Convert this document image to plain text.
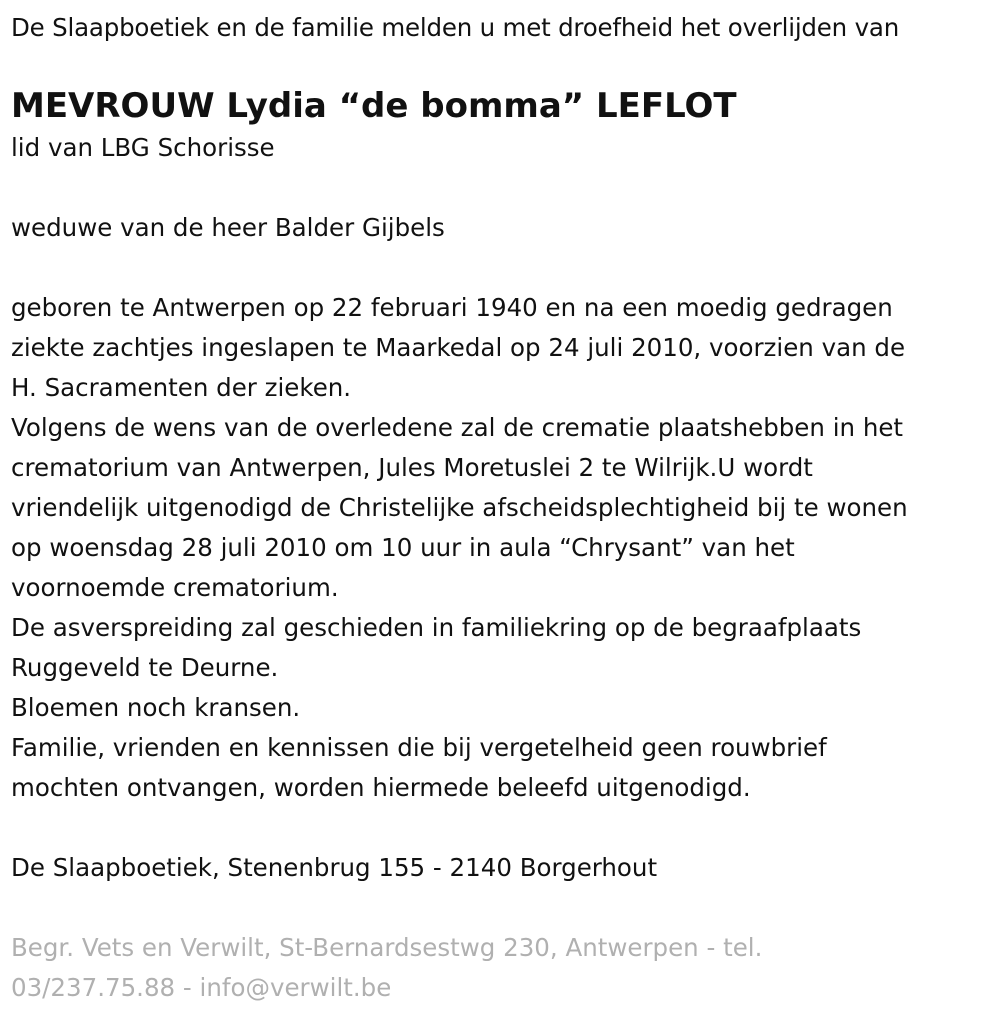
De Slaapboetiek en de familie melden u met droefheid het overlijden van

MEVROUW Lydia “de bomma” LEFLOT

lid van LBG Schorisse

weduwe van de heer Balder Gijbels

geboren te Antwerpen op 22 februari 1940 en na een moedig gedragen

ziekte zachtjes ingeslapen te Maarkedal op 24 juli 2010, voorzien van de

H. Sacramenten der zieken.

Volgens de wens van de overledene zal de crematie plaatshebben in het

crematorium van Antwerpen, Jules Moretuslei 2 te Wilrijk.U wordt

vriendelijk uitgenodigd de Christelijke afscheidsplechtigheid bij te wonen

op woensdag 28 juli 2010 om 10 uur in aula “Chrysant” van het

voornoemde crematorium.

De asverspreiding zal geschieden in familiekring op de begraafplaats

Ruggeveld te Deurne.

Bloemen noch kransen.

Familie, vrienden en kennissen die bij vergetelheid geen rouwbrief

mochten ontvangen, worden hiermede beleefd uitgenodigd.

De Slaapboetiek, Stenenbrug 155 - 2140 Borgerhout

Begr. Vets en Verwilt, St-Bernardsestwg 230, Antwerpen - tel.

03/237.75.88 - info@verwilt.be
